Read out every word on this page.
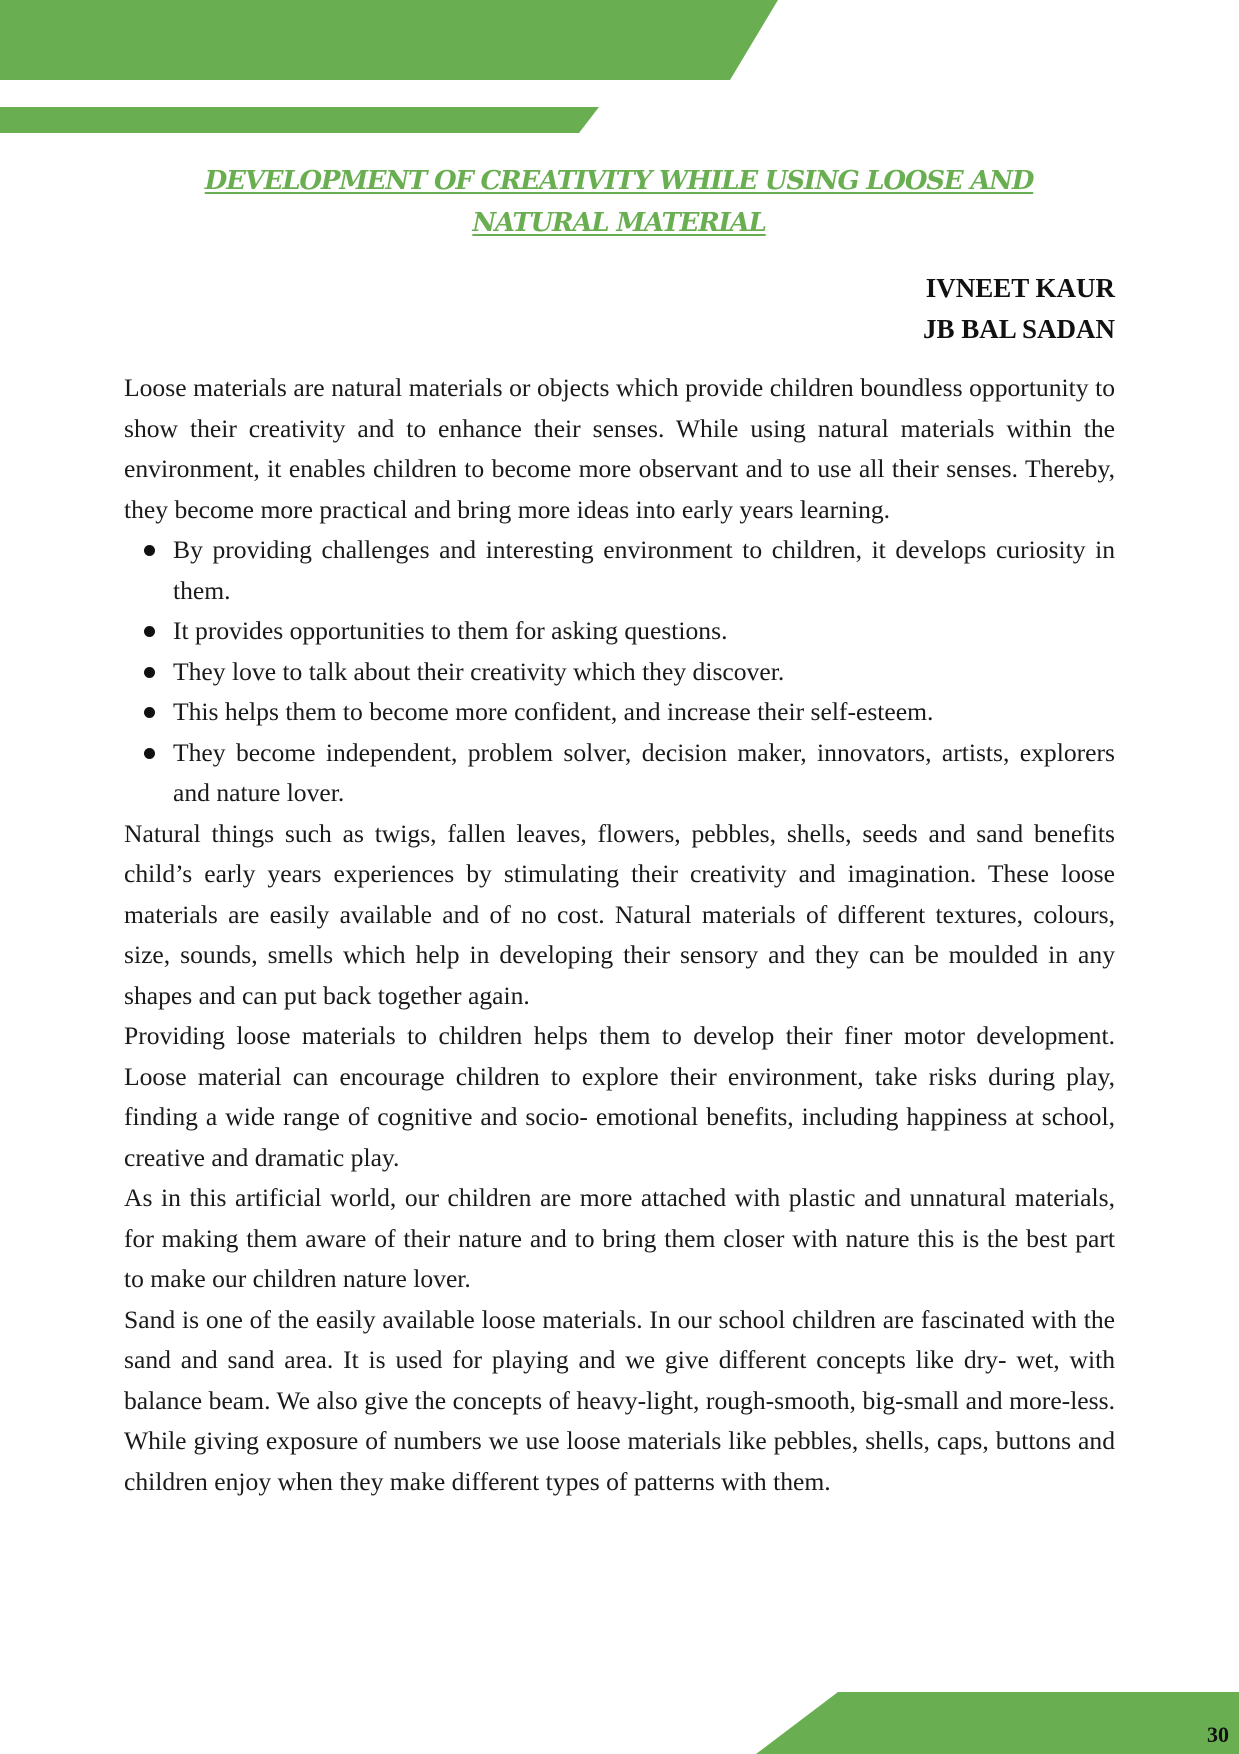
DEVELOPMENT OF CREATIVITY WHILE USING LOOSE AND
NATURAL MATERIAL
IVNEET KAUR
JB BAL SADAN

Loose materials are natural materials or objects which provide children boundless opportunity to show their creativity and to enhance their senses. While using natural materials within the environment, it enables children to become more observant and to use all their senses. Thereby, they become more practical and bring more ideas into early years learning.

By providing challenges and interesting environment to children, it develops curiosity in them.
It provides opportunities to them for asking questions.
They love to talk about their creativity which they discover.
This helps them to become more confident, and increase their self-esteem.
They become independent, problem solver, decision maker, innovators, artists, explorers and nature lover.

Natural things such as twigs, fallen leaves, flowers, pebbles, shells, seeds and sand benefits child’s early years experiences by stimulating their creativity and imagination. These loose materials are easily available and of no cost. Natural materials of different textures, colours, size, sounds, smells which help in developing their sensory and they can be moulded in any shapes and can put back together again.

Providing loose materials to children helps them to develop their finer motor development. Loose material can encourage children to explore their environment, take risks during play, finding a wide range of cognitive and socio- emotional benefits, including happiness at school, creative and dramatic play.

As in this artificial world, our children are more attached with plastic and unnatural materials, for making them aware of their nature and to bring them closer with nature this is the best part to make our children nature lover.

Sand is one of the easily available loose materials. In our school children are fascinated with the sand and sand area. It is used for playing and we give different concepts like dry- wet, with balance beam. We also give the concepts of heavy-light, rough-smooth, big-small and more-less. While giving exposure of numbers we use loose materials like pebbles, shells, caps, buttons and children enjoy when they make different types of patterns with them.

30
